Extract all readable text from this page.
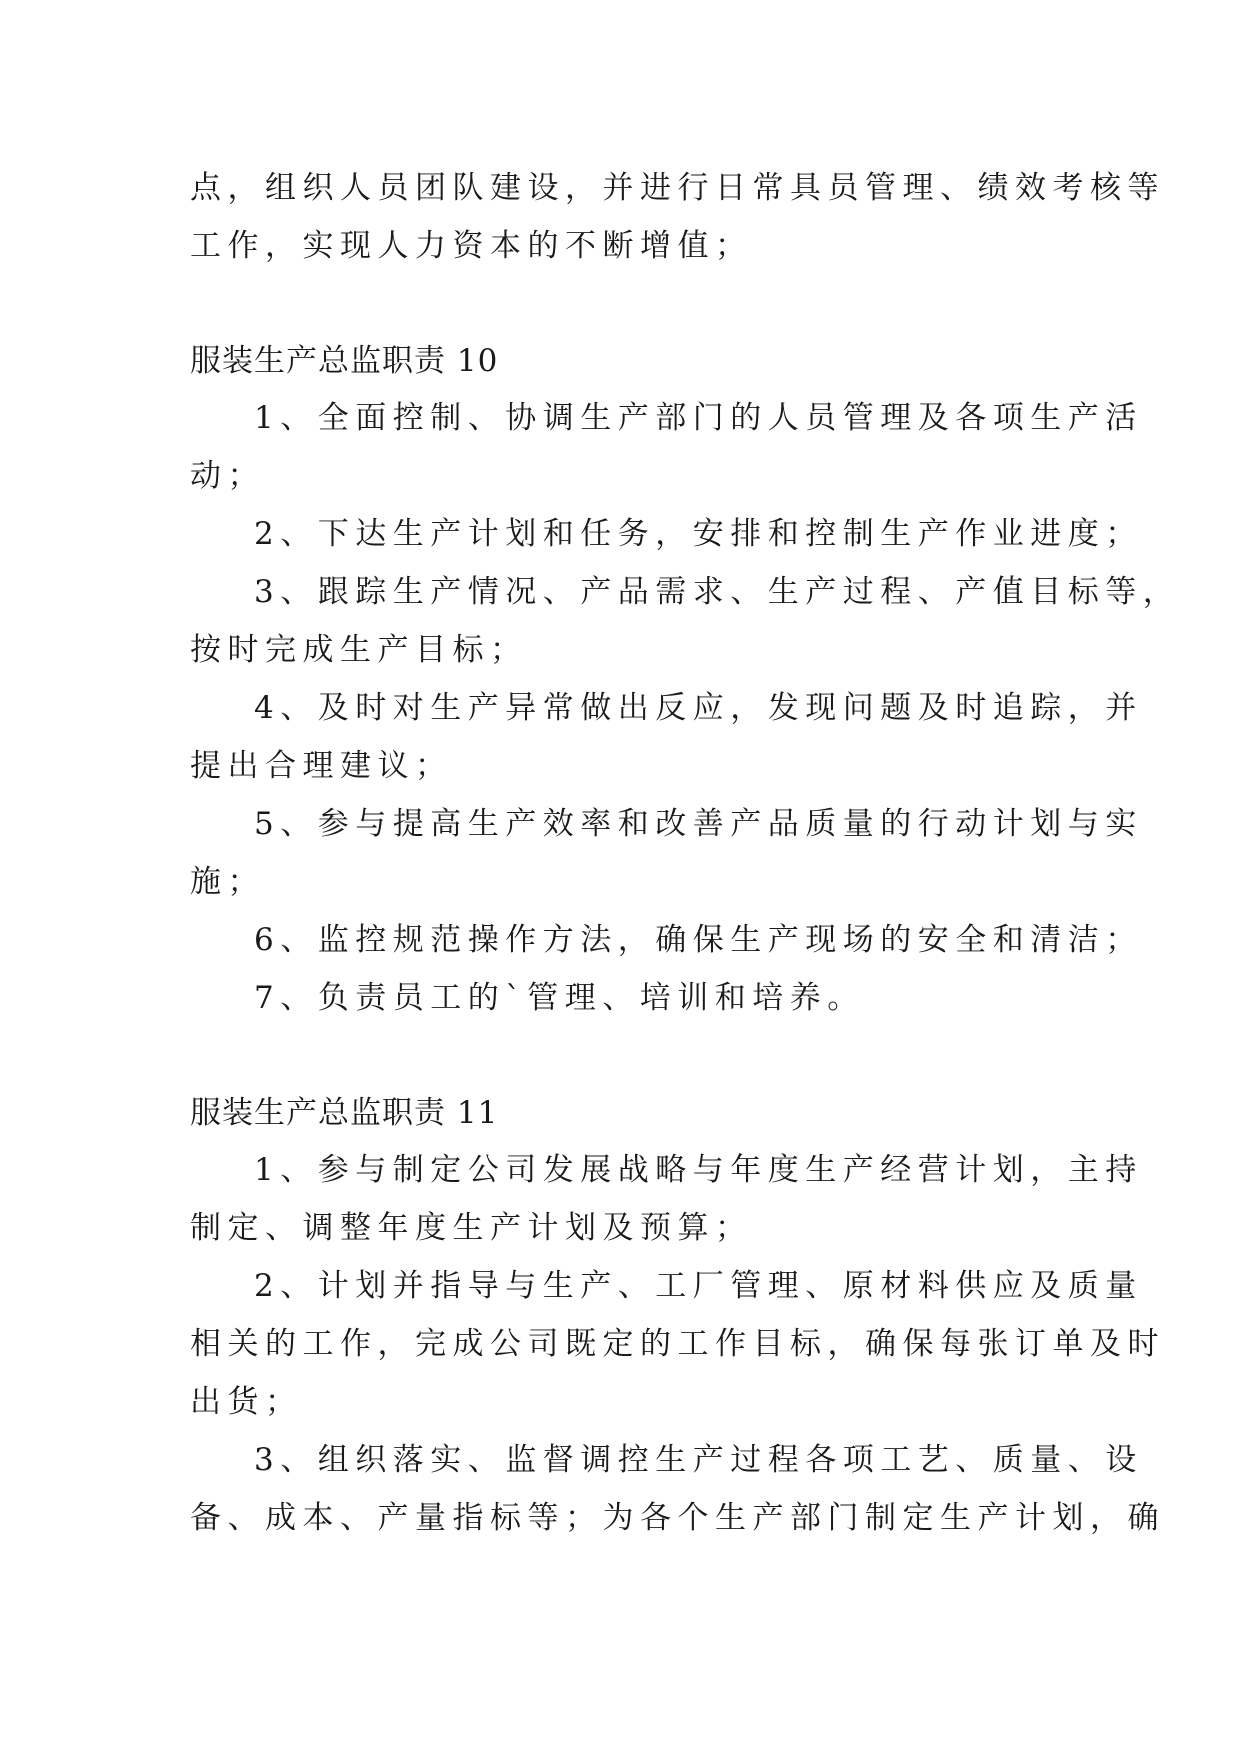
点，组织人员团队建设，并进行日常具员管理、绩效考核等
工作，实现人力资本的不断增值；
服装生产总监职责 10
1、全面控制、协调生产部门的人员管理及各项生产活
动；
2、下达生产计划和任务，安排和控制生产作业进度；
3、跟踪生产情况、产品需求、生产过程、产值目标等，
按时完成生产目标；
4、及时对生产异常做出反应，发现问题及时追踪，并
提出合理建议；
5、参与提高生产效率和改善产品质量的行动计划与实
施；
6、监控规范操作方法，确保生产现场的安全和清洁；
7、负责员工的`管理、培训和培养。
服装生产总监职责 11
1、参与制定公司发展战略与年度生产经营计划，主持
制定、调整年度生产计划及预算；
2、计划并指导与生产、工厂管理、原材料供应及质量
相关的工作，完成公司既定的工作目标，确保每张订单及时
出货；
3、组织落实、监督调控生产过程各项工艺、质量、设
备、成本、产量指标等；为各个生产部门制定生产计划，确
